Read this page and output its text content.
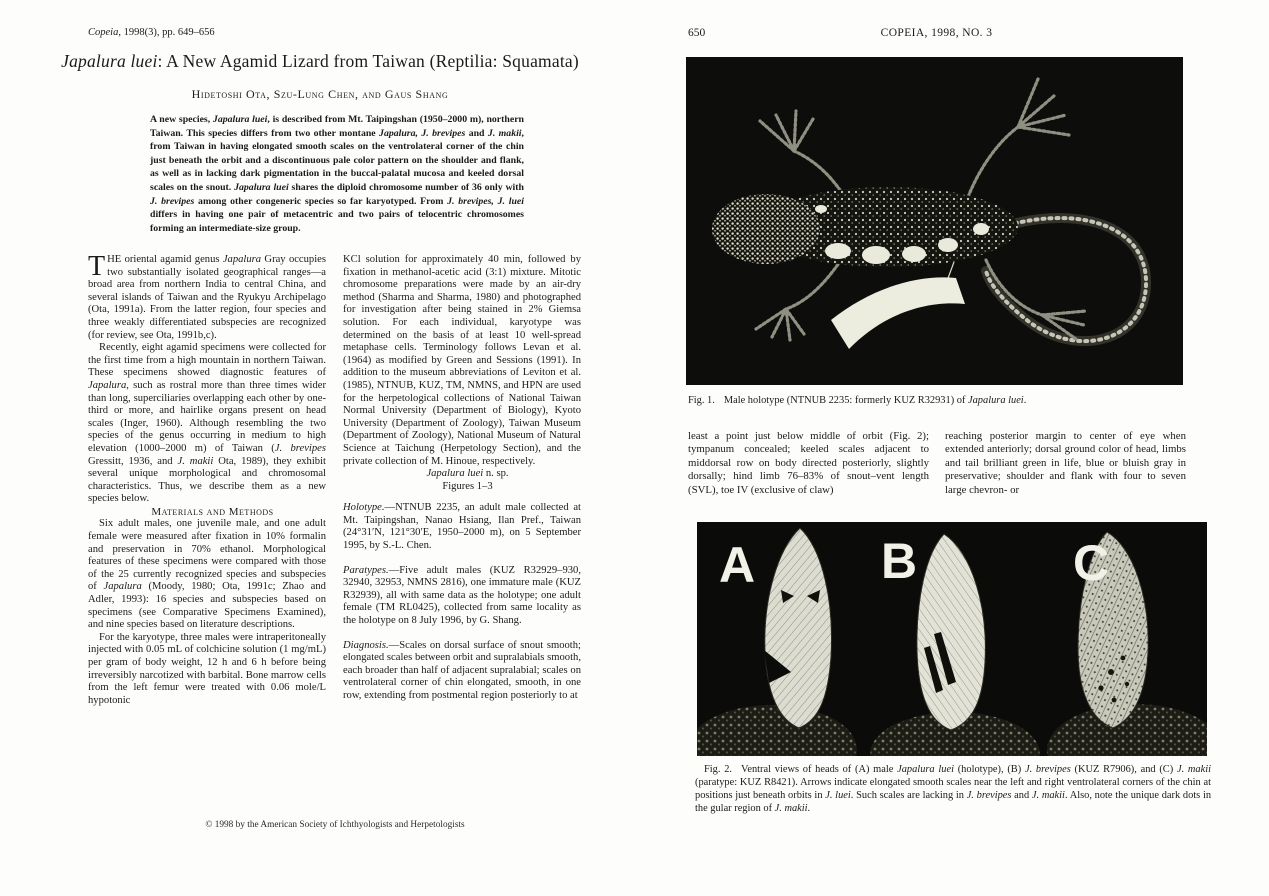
Copeia, 1998(3), pp. 649–656
Japalura luei: A New Agamid Lizard from Taiwan (Reptilia: Squamata)
Hidetoshi Ota, Szu-Lung Chen, and Gaus Shang
A new species, Japalura luei, is described from Mt. Taipingshan (1950–2000 m), northern Taiwan. This species differs from two other montane Japalura, J. brevipes and J. makii, from Taiwan in having elongated smooth scales on the ventrolateral corner of the chin just beneath the orbit and a discontinuous pale color pattern on the shoulder and flank, as well as in lacking dark pigmentation in the buccal-palatal mucosa and keeled dorsal scales on the snout. Japalura luei shares the diploid chromosome number of 36 only with J. brevipes among other congeneric species so far karyotyped. From J. brevipes, J. luei differs in having one pair of metacentric and two pairs of telocentric chromosomes forming an intermediate-size group.

THE oriental agamid genus Japalura Gray occupies two substantially isolated geographical ranges—a broad area from northern India to central China, and several islands of Taiwan and the Ryukyu Archipelago (Ota, 1991a). From the latter region, four species and three weakly differentiated subspecies are recognized (for review, see Ota, 1991b,c).

Recently, eight agamid specimens were collected for the first time from a high mountain in northern Taiwan. These specimens showed diagnostic features of Japalura, such as rostral more than three times wider than long, superciliaries overlapping each other by one-third or more, and hairlike organs present on head scales (Inger, 1960). Although resembling the two species of the genus occurring in medium to high elevation (1000–2000 m) of Taiwan (J. brevipes Gressitt, 1936, and J. makii Ota, 1989), they exhibit several unique morphological and chromosomal characteristics. Thus, we describe them as a new species below.

Materials and Methods

Six adult males, one juvenile male, and one adult female were measured after fixation in 10% formalin and preservation in 70% ethanol. Morphological features of these specimens were compared with those of the 25 currently recognized species and subspecies of Japalura (Moody, 1980; Ota, 1991c; Zhao and Adler, 1993): 16 species and subspecies based on specimens (see Comparative Specimens Examined), and nine species based on literature descriptions.

For the karyotype, three males were intraperitoneally injected with 0.05 mL of colchicine solution (1 mg/mL) per gram of body weight, 12 h and 6 h before being irreversibly narcotized with barbital. Bone marrow cells from the left femur were treated with 0.06 mole/L hypotonic

KCl solution for approximately 40 min, followed by fixation in methanol-acetic acid (3:1) mixture. Mitotic chromosome preparations were made by an air-dry method (Sharma and Sharma, 1980) and photographed for investigation after being stained in 2% Giemsa solution. For each individual, karyotype was determined on the basis of at least 10 well-spread metaphase cells. Terminology follows Levan et al. (1964) as modified by Green and Sessions (1991). In addition to the museum abbreviations of Leviton et al. (1985), NTNUB, KUZ, TM, NMNS, and HPN are used for the herpetological collections of National Taiwan Normal University (Department of Biology), Kyoto University (Department of Zoology), Taiwan Museum (Department of Zoology), National Museum of Natural Science at Taichung (Herpetology Section), and the private collection of M. Hinoue, respectively.

Japalura luei n. sp.

Figures 1–3

Holotype.—NTNUB 2235, an adult male collected at Mt. Taipingshan, Nanao Hsiang, Ilan Pref., Taiwan (24°31′N, 121°30′E, 1950–2000 m), on 5 September 1995, by S.-L. Chen.

Paratypes.—Five adult males (KUZ R32929–930, 32940, 32953, NMNS 2816), one immature male (KUZ R32939), all with same data as the holotype; one adult female (TM RL0425), collected from same locality as the holotype on 8 July 1996, by G. Shang.

Diagnosis.—Scales on dorsal surface of snout smooth; elongated scales between orbit and supralabials smooth, each broader than half of adjacent supralabial; scales on ventrolateral corner of chin elongated, smooth, in one row, extending from postmental region posteriorly to at

© 1998 by the American Society of Ichthyologists and Herpetologists
650	COPEIA, 1998, NO. 3
Fig. 1. Male holotype (NTNUB 2235: formerly KUZ R32931) of Japalura luei.

least a point just below middle of orbit (Fig. 2); tympanum concealed; keeled scales adjacent to middorsal row on body directed posteriorly, slightly dorsally; hind limb 76–83% of snout–vent length (SVL), toe IV (exclusive of claw)

reaching posterior margin to center of eye when extended anteriorly; dorsal ground color of head, limbs and tail brilliant green in life, blue or bluish gray in preservative; shoulder and flank with four to seven large chevron- or

A	B	C
Fig. 2. Ventral views of heads of (A) male Japalura luei (holotype), (B) J. brevipes (KUZ R7906), and (C) J. makii (paratype: KUZ R8421). Arrows indicate elongated smooth scales near the left and right ventrolateral corners of the chin at positions just beneath orbits in J. luei. Such scales are lacking in J. brevipes and J. makii. Also, note the unique dark dots in the gular region of J. makii.
